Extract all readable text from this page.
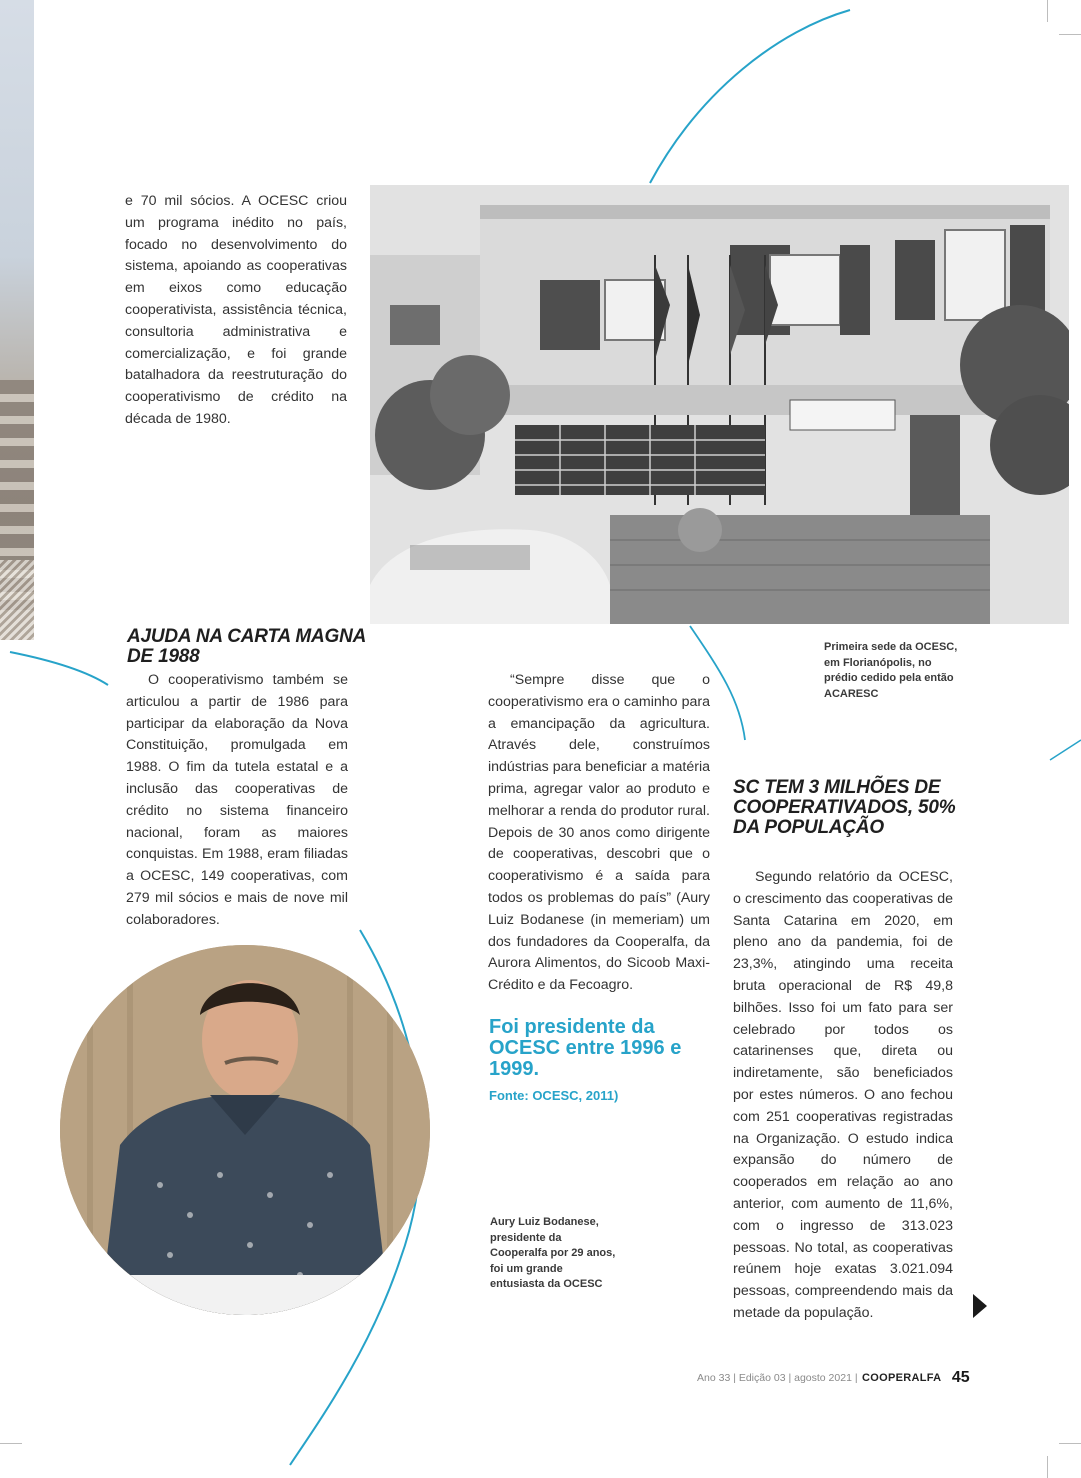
e 70 mil sócios. A OCESC criou um programa inédito no país, focado no desenvolvimento do sistema, apoiando as cooperativas em eixos como educação cooperativista, assistência técnica, consultoria administrativa e comercialização, e foi grande batalhadora da reestruturação do cooperativismo de crédito na década de 1980.

Primeira sede da OCESC, em Florianópolis, no prédio cedido pela então ACARESC
AJUDA NA CARTA MAGNA DE 1988

O cooperativismo também se articulou a partir de 1986 para participar da elaboração da Nova Constituição, promulgada em 1988. O fim da tutela estatal e a inclusão das cooperativas de crédito no sistema financeiro nacional, foram as maiores conquistas. Em 1988, eram filiadas a OCESC, 149 cooperativas, com 279 mil sócios e mais de nove mil colaboradores.

“Sempre disse que o cooperativismo era o caminho para a emancipação da agricultura. Através dele, construímos indústrias para beneficiar a matéria prima, agregar valor ao produto e melhorar a renda do produtor rural. Depois de 30 anos como dirigente de cooperativas, descobri que o cooperativismo é a saída para todos os problemas do país” (Aury Luiz Bodanese (in memeriam) um dos fundadores da Cooperalfa, da Aurora Alimentos, do Sicoob Maxi-Crédito e da Fecoagro.

Foi presidente da OCESC entre 1996 e 1999.
Fonte: OCESC, 2011)
Aury Luiz Bodanese, presidente da Cooperalfa por 29 anos, foi um grande entusiasta da OCESC
SC TEM 3 MILHÕES DE COOPERATIVADOS, 50% DA POPULAÇÃO

Segundo relatório da OCESC, o crescimento das cooperativas de Santa Catarina em 2020, em pleno ano da pandemia, foi de 23,3%, atingindo uma receita bruta operacional de R$ 49,8 bilhões. Isso foi um fato para ser celebrado por todos os catarinenses que, direta ou indiretamente, são beneficiados por estes números. O ano fechou com 251 cooperativas registradas na Organização. O estudo indica expansão do número de cooperados em relação ao ano anterior, com aumento de 11,6%, com o ingresso de 313.023 pessoas. No total, as cooperativas reúnem hoje exatas 3.021.094 pessoas, compreendendo mais da metade da população.

Ano 33 | Edição 03 | agosto 2021 | COOPERALFA 45
